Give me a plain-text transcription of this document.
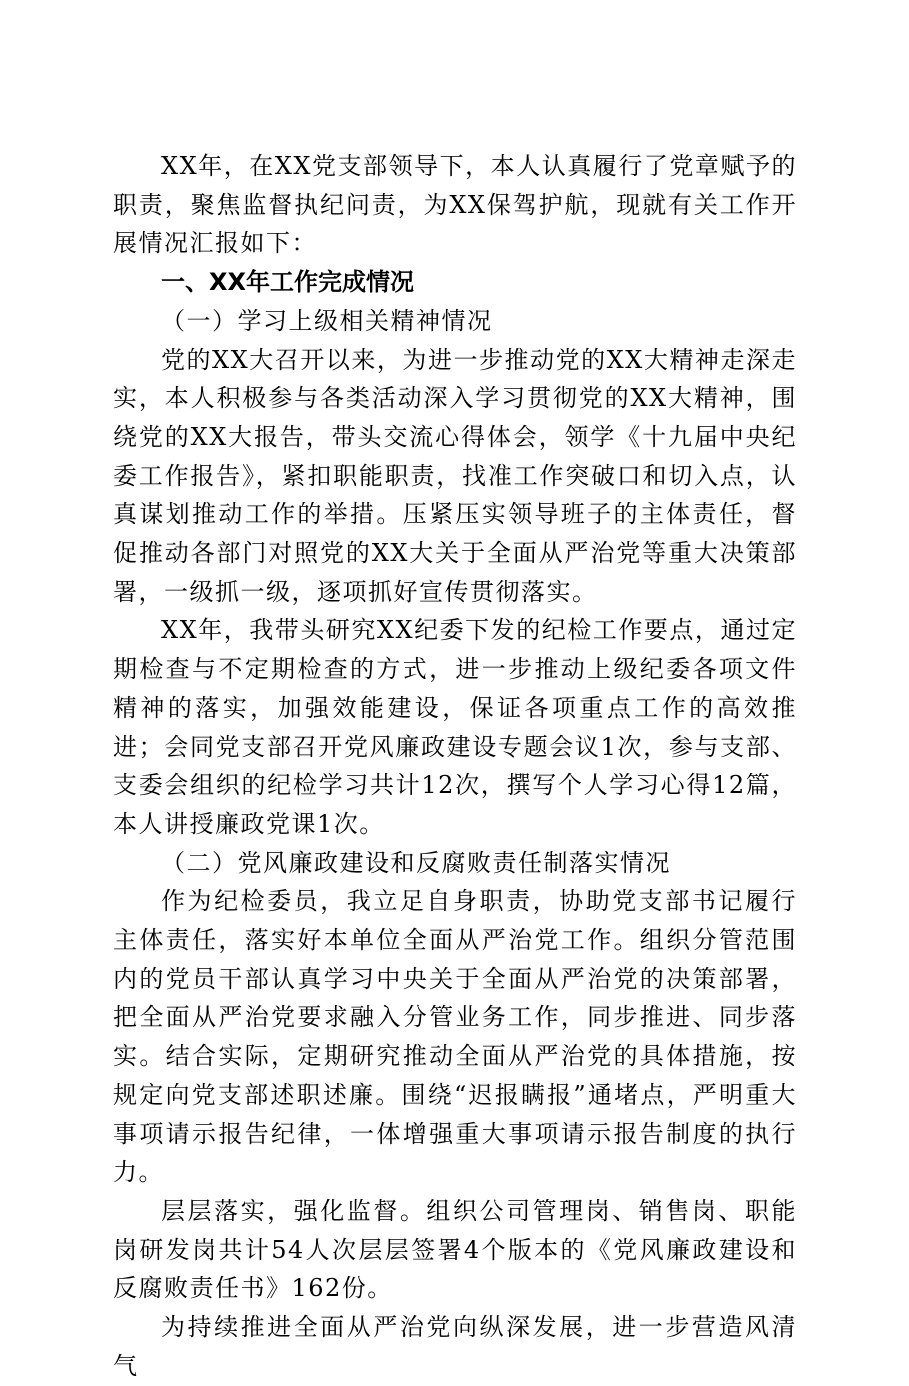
XX年，在XX党支部领导下，本人认真履行了党章赋予的职责，聚焦监督执纪问责，为XX保驾护航，现就有关工作开展情况汇报如下：

一、XX年工作完成情况
（一）学习上级相关精神情况

党的XX大召开以来，为进一步推动党的XX大精神走深走实，本人积极参与各类活动深入学习贯彻党的XX大精神，围绕党的XX大报告，带头交流心得体会，领学《十九届中央纪委工作报告》，紧扣职能职责，找准工作突破口和切入点，认真谋划推动工作的举措。压紧压实领导班子的主体责任，督促推动各部门对照党的XX大关于全面从严治党等重大决策部署，一级抓一级，逐项抓好宣传贯彻落实。

XX年，我带头研究XX纪委下发的纪检工作要点，通过定期检查与不定期检查的方式，进一步推动上级纪委各项文件精神的落实，加强效能建设，保证各项重点工作的高效推进；会同党支部召开党风廉政建设专题会议1次，参与支部、支委会组织的纪检学习共计12次，撰写个人学习心得12篇，本人讲授廉政党课1次。

（二）党风廉政建设和反腐败责任制落实情况

作为纪检委员，我立足自身职责，协助党支部书记履行主体责任，落实好本单位全面从严治党工作。组织分管范围内的党员干部认真学习中央关于全面从严治党的决策部署，把全面从严治党要求融入分管业务工作，同步推进、同步落实。结合实际，定期研究推动全面从严治党的具体措施，按规定向党支部述职述廉。围绕“迟报瞒报”通堵点，严明重大事项请示报告纪律，一体增强重大事项请示报告制度的执行力。

层层落实，强化监督。组织公司管理岗、销售岗、职能岗研发岗共计54人次层层签署4个版本的《党风廉政建设和反腐败责任书》162份。

为持续推进全面从严治党向纵深发展，进一步营造风清气
